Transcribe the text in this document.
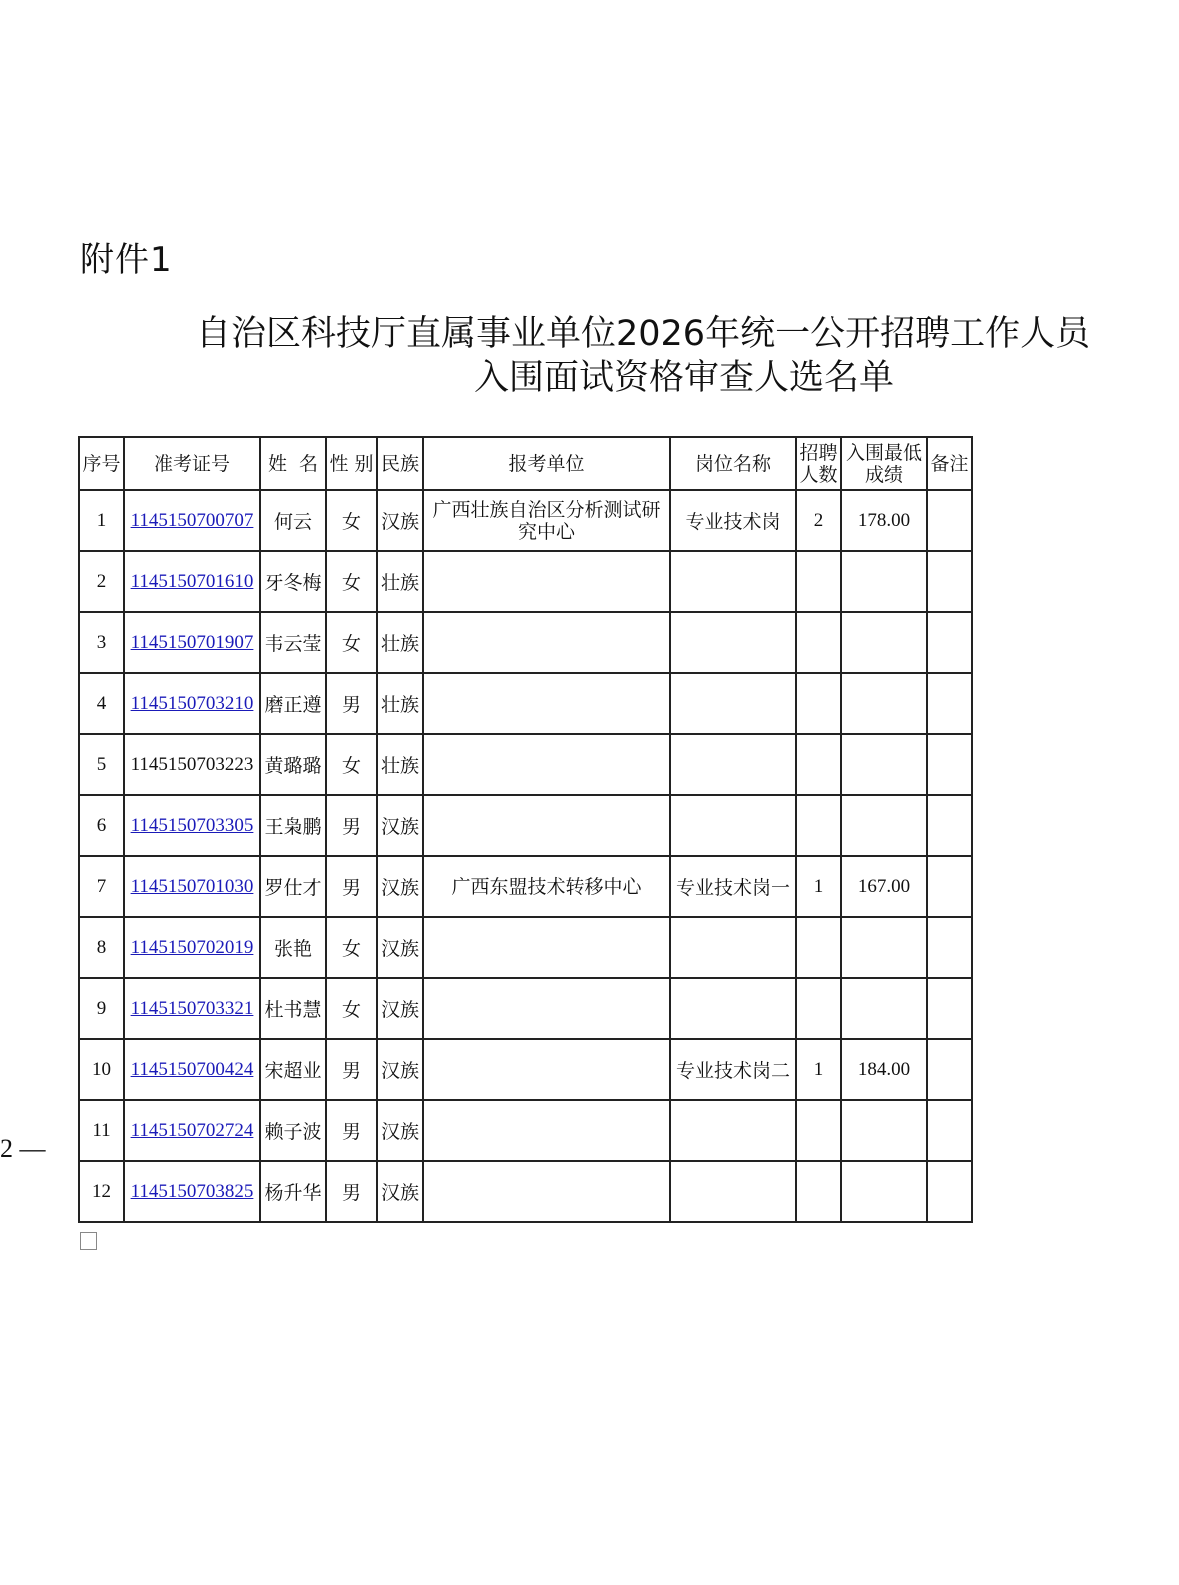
附件1
自治区科技厅直属事业单位2026年统一公开招聘工作人员
入围面试资格审查人选名单
序号	准考证号	姓  名	性 别	民族	报考单位	岗位名称	招聘人数	入围最低成绩	备注
1	1145150700707	何云	女	汉族	广西壮族自治区分析测试研究中心	专业技术岗	2	178.00	
2	1145150701610	牙冬梅	女	壮族					
3	1145150701907	韦云莹	女	壮族					
4	1145150703210	磨正遵	男	壮族					
5	1145150703223	黄璐璐	女	壮族					
6	1145150703305	王枭鹏	男	汉族					
7	1145150701030	罗仕才	男	汉族	广西东盟技术转移中心	专业技术岗一	1	167.00	
8	1145150702019	张艳	女	汉族					
9	1145150703321	杜书慧	女	汉族					
10	1145150700424	宋超业	男	汉族		专业技术岗二	1	184.00	
11	1145150702724	赖子波	男	汉族					
12	1145150703825	杨升华	男	汉族					
2 —
